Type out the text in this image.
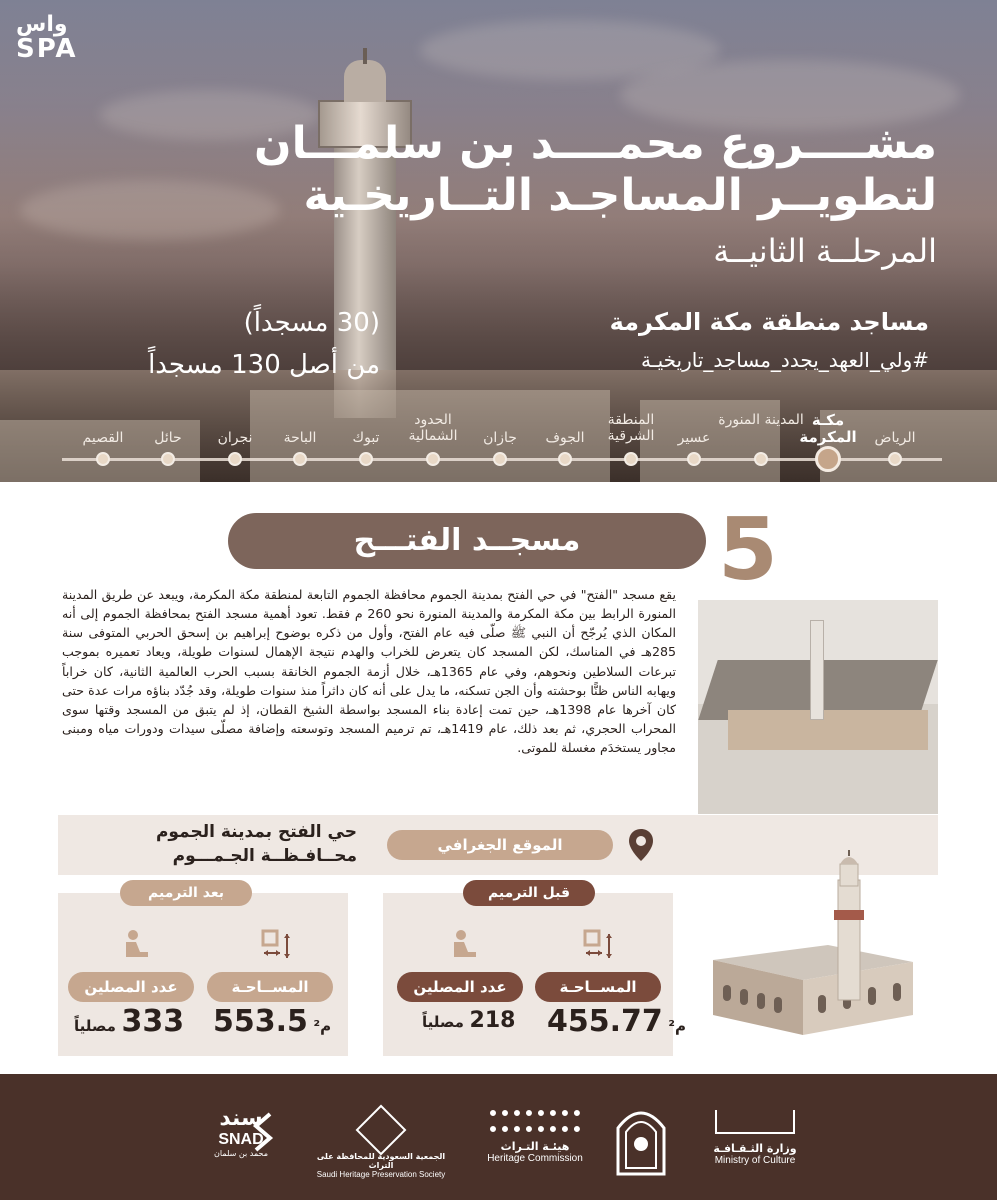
واس
SPA
مشــــروع محمــــد بن سلمـــان
لتطويــر المساجـد التــاريخـية
المرحلــة الثانيــة
مساجد منطقة مكة المكرمة
#ولي_العهد_يجدد_مساجد_تاريخيـة
(30 مسجداً)
من أصل 130 مسجداً
الرياض
مكـة المكرمة
المدينة المنورة
عسير
المنطقة الشرقية
الجوف
جازان
الحدود الشمالية
تبوك
الباحة
نجران
حائل
القصيم
5
مسجــد الفتـــح

يقع مسجد "الفتح" في حي الفتح بمدينة الجموم محافظة الجموم التابعة لمنطقة مكة المكرمة، ويبعد عن طريق المدينة المنورة الرابط بين مكة المكرمة والمدينة المنورة نحو 260 م فقط. تعود أهمية مسجد الفتح بمحافظة الجموم إلى أنه المكان الذي يُرجّح أن النبي ﷺ صلّى فيه عام الفتح، وأول من ذكره بوضوح إبراهيم بن إسحق الحربي المتوفى سنة 285هـ في المناسك، لكن المسجد كان يتعرض للخراب والهدم نتيجة الإهمال لسنوات طويلة، ويعاد تعميره بموجب تبرعات السلاطين ونحوهم، وفي عام 1365هـ، خلال أزمة الجموم الخانقة بسبب الحرب العالمية الثانية، كان خراباً ويهابه الناس ظنًّا بوحشته وأن الجن تسكنه، ما يدل على أنه كان داثراً منذ سنوات طويلة، وقد جُدّد بناؤه مرات عدة حتى كان آخرها عام 1398هـ، حين تمت إعادة بناء المسجد بواسطة الشيخ القطان، إذ لم يتبق من المسجد وقتها سوى المحراب الحجري، ثم بعد ذلك، عام 1419هـ، تم ترميم المسجد وتوسعته وإضافة مصلّى سيدات ودورات مياه ومبنى مجاور يستخدَم مغسلة للموتى.

الموقع الجغرافي
حي الفتح بمدينة الجموم
محــافـظــة الجـمـــوم
قبل الترميم
المســاحـة
عدد المصلين
455.77 م²
218 مصلياً
بعد الترميم
المســاحـة
عدد المصلين
553.5 م²
333 مصلياً
سند
SNAD
محمد بن سلمان	الجمعية السعودية للمحافظة على التراث
Saudi Heritage Preservation Society
هيئـة التـراث
Heritage Commission
وزارة الثـقـافـة
Ministry of Culture
